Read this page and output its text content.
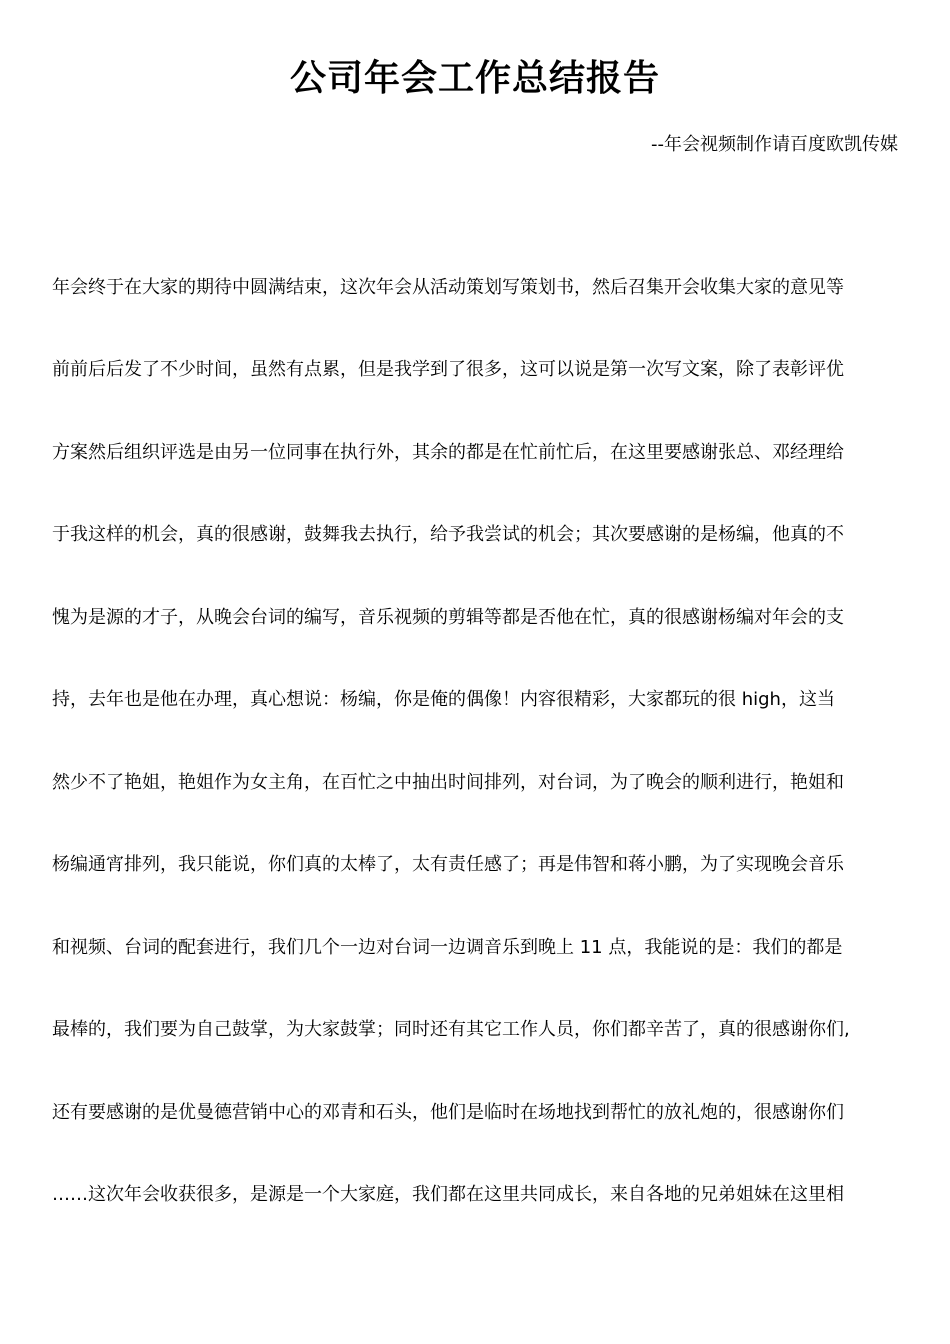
公司年会工作总结报告
--年会视频制作请百度欧凯传媒
年会终于在大家的期待中圆满结束，这次年会从活动策划写策划书，然后召集开会收集大家的意见等
前前后后发了不少时间，虽然有点累，但是我学到了很多，这可以说是第一次写文案，除了表彰评优
方案然后组织评选是由另一位同事在执行外，其余的都是在忙前忙后，在这里要感谢张总、邓经理给
于我这样的机会，真的很感谢，鼓舞我去执行，给予我尝试的机会；其次要感谢的是杨编，他真的不
愧为是源的才子，从晚会台词的编写，音乐视频的剪辑等都是否他在忙，真的很感谢杨编对年会的支
持，去年也是他在办理，真心想说：杨编，你是俺的偶像！内容很精彩，大家都玩的很 high，这当
然少不了艳姐，艳姐作为女主角，在百忙之中抽出时间排列，对台词，为了晚会的顺利进行，艳姐和
杨编通宵排列，我只能说，你们真的太棒了，太有责任感了；再是伟智和蒋小鹏，为了实现晚会音乐
和视频、台词的配套进行，我们几个一边对台词一边调音乐到晚上 11 点，我能说的是：我们的都是
最棒的，我们要为自己鼓掌，为大家鼓掌；同时还有其它工作人员，你们都辛苦了，真的很感谢你们,
还有要感谢的是优曼德营销中心的邓青和石头，他们是临时在场地找到帮忙的放礼炮的，很感谢你们
……这次年会收获很多，是源是一个大家庭，我们都在这里共同成长，来自各地的兄弟姐妹在这里相
